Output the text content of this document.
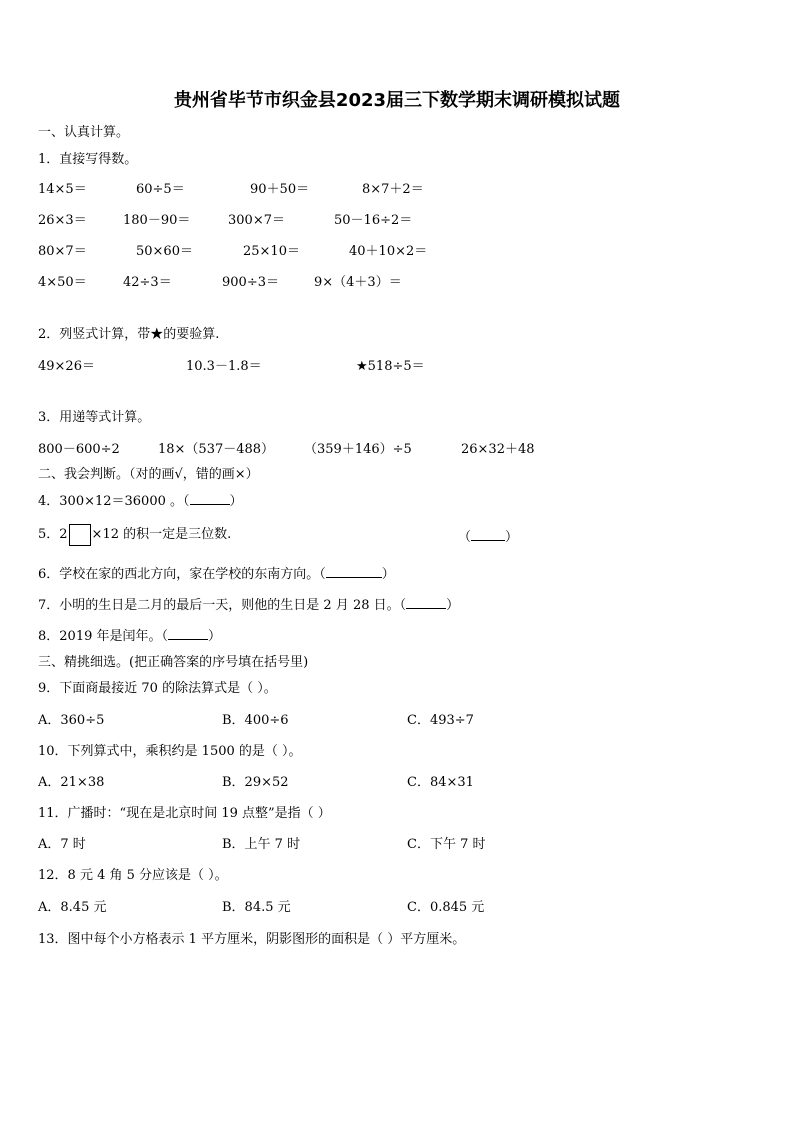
贵州省毕节市织金县2023届三下数学期末调研模拟试题
一、认真计算。
1．直接写得数。
14×5＝	60÷5＝	90＋50＝	8×7＋2＝
26×3＝	180－90＝	300×7＝	50－16÷2＝
80×7＝	50×60＝	25×10＝	40＋10×2＝
4×50＝	42÷3＝	900÷3＝	9×（4＋3）＝
2．列竖式计算，带★的要验算.
49×26＝	10.3－1.8＝	★518÷5＝
3．用递等式计算。
800－600÷2	18×（537－488） （359＋146）÷5	26×32＋48
二、我会判断。（对的画√，错的画×）
4．300×12＝36000 。（	）
5．2 ×12 的积一定是三位数.	（	）
6．学校在家的西北方向，家在学校的东南方向。（	）
7．小明的生日是二月的最后一天，则他的生日是 2 月 28 日。（	）
8．2019 年是闰年。（	）
三、精挑细选。(把正确答案的序号填在括号里)
9．下面商最接近 70 的除法算式是（ ）。
A．360÷5	B．400÷6	C．493÷7
10．下列算式中，乘积约是 1500 的是（ ）。
A．21×38	B．29×52	C．84×31
11．广播时：“现在是北京时间 19 点整”是指（ ）
A．7 时	B．上午 7 时	C．下午 7 时
12．8 元 4 角 5 分应该是（ ）。
A．8.45 元	B．84.5 元	C．0.845 元
13．图中每个小方格表示 1 平方厘米，阴影图形的面积是（ ）平方厘米。
